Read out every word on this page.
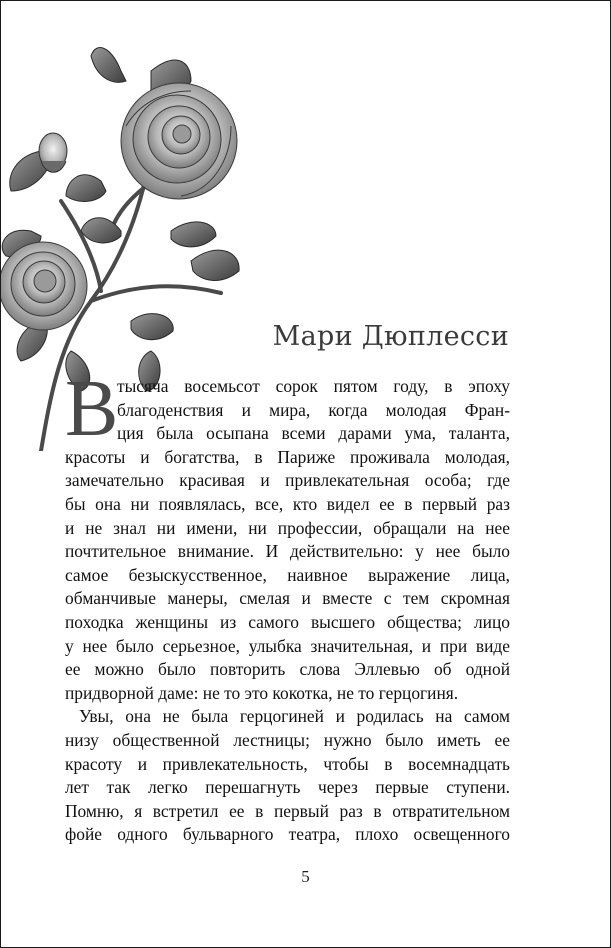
Мари Дюплесси
В
тысяча восемьсот сорок пятом году, в эпоху
благоденствия и мира, когда молодая Фран-
ция была осыпана всеми дарами ума, таланта,
красоты и богатства, в Париже проживала молодая,
замечательно красивая и привлекательная особа; где
бы она ни появлялась, все, кто видел ее в первый раз
и не знал ни имени, ни профессии, обращали на нее
почтительное внимание. И действительно: у нее было
самое безыскусственное, наивное выражение лица,
обманчивые манеры, смелая и вместе с тем скромная
походка женщины из самого высшего общества; лицо
у нее было серьезное, улыбка значительная, и при виде
ее можно было повторить слова Эллевью об одной
придворной даме: не то это кокотка, не то герцогиня.
Увы, она не была герцогиней и родилась на самом
низу общественной лестницы; нужно было иметь ее
красоту и привлекательность, чтобы в восемнадцать
лет так легко перешагнуть через первые ступени.
Помню, я встретил ее в первый раз в отвратительном
фойе одного бульварного театра, плохо освещенного
5
